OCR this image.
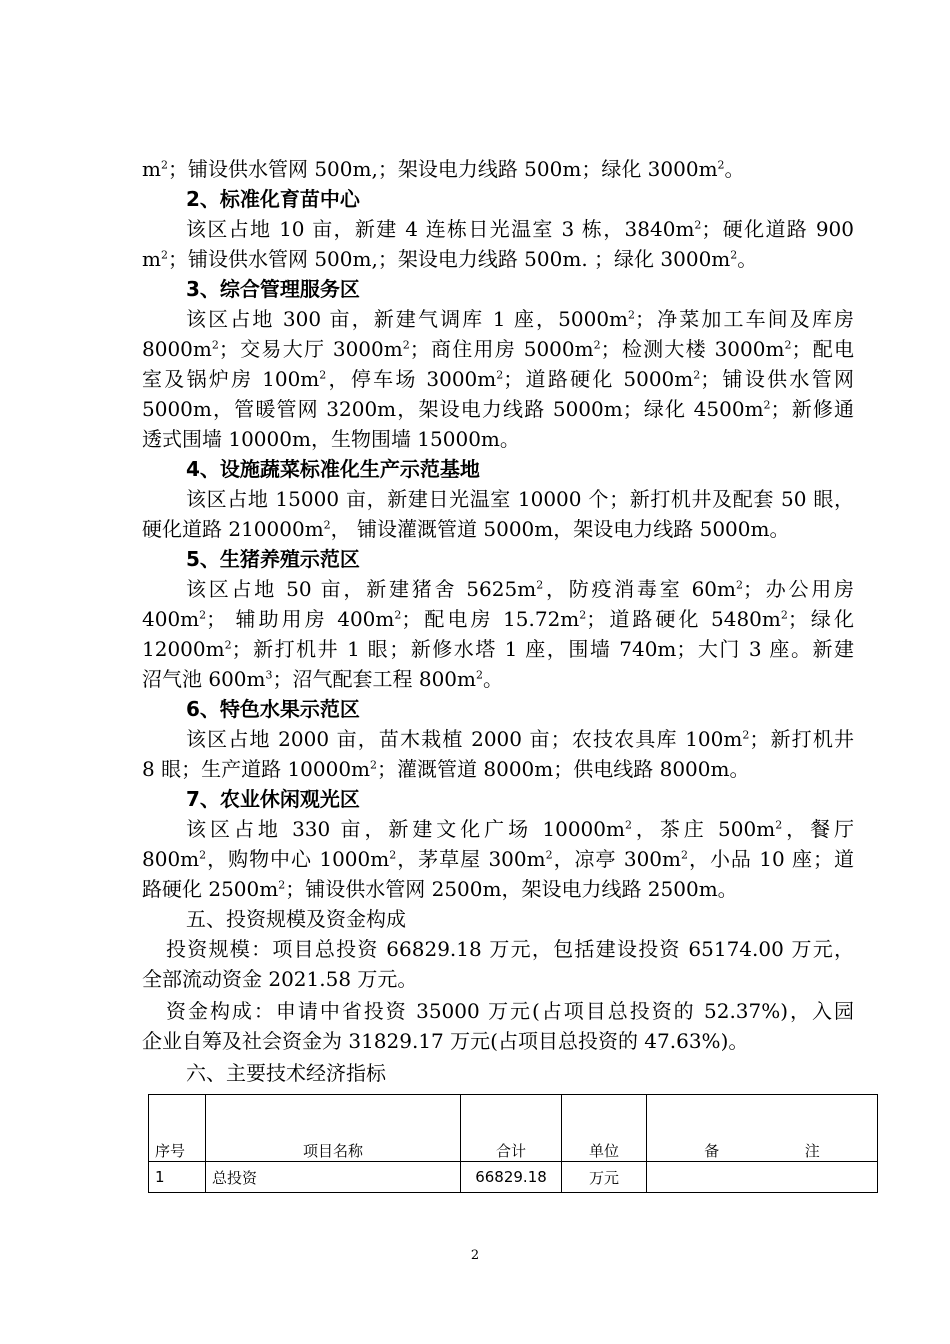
$m^2$；铺设供水管网 500m,；架设电力线路 500m；绿化 $3000m^2$。
2、标准化育苗中心
该区占地 10 亩，新建 4 连栋日光温室 3 栋，$3840m^2$；硬化道路 900
$m^2$；铺设供水管网 500m,；架设电力线路 500m. ；绿化 $3000m^2$。
3、综合管理服务区
该区占地 300 亩，新建气调库 1 座，$5000m^2$；净菜加工车间及库房
$8000m^2$；交易大厅 $3000m^2$；商住用房 $5000m^2$；检测大楼 $3000m^2$；配电
室及锅炉房 $100m^2$，停车场 $3000m^2$；道路硬化 $5000m^2$；铺设供水管网
5000m，管暖管网 3200m，架设电力线路 5000m；绿化 $4500m^2$；新修通
透式围墙 10000m，生物围墙 15000m。
4、设施蔬菜标准化生产示范基地
该区占地 15000 亩，新建日光温室 10000 个；新打机井及配套 50 眼，
硬化道路 $210000m^2$， 铺设灌溉管道 5000m，架设电力线路 5000m。
5、生猪养殖示范区
该区占地 50 亩，新建猪舍 $5625m^2$，防疫消毒室 $60m^2$；办公用房
$400m^2$； 辅助用房 $400m^2$；配电房 $15.72m^2$；道路硬化 $5480m^2$；绿化
$12000m^2$；新打机井 1 眼；新修水塔 1 座，围墙 740m；大门 3 座。新建
沼气池 $600m^3$；沼气配套工程 $800m^2$。
6、特色水果示范区
该区占地 2000 亩，苗木栽植 2000 亩；农技农具库 $100m^2$；新打机井
8 眼；生产道路 $10000m^2$；灌溉管道 8000m；供电线路 8000m。
7、农业休闲观光区
该区占地 330 亩，新建文化广场 $10000m^2$，茶庄 $500m^2$，餐厅
$800m^2$，购物中心 $1000m^2$，茅草屋 $300m^2$，凉亭 $300m^2$，小品 10 座；道
路硬化 $2500m^2$；铺设供水管网 2500m，架设电力线路 2500m。
五、投资规模及资金构成
投资规模：项目总投资 66829.18 万元，包括建设投资 65174.00 万元，
全部流动资金 2021.58 万元。
资金构成：申请中省投资 35000 万元(占项目总投资的 52.37%)，入园
企业自筹及社会资金为 31829.17 万元(占项目总投资的 47.63%)。
六、主要技术经济指标
序号	项目名称	合计	单位	备 注
1	总投资	66829.18	万元	
2
